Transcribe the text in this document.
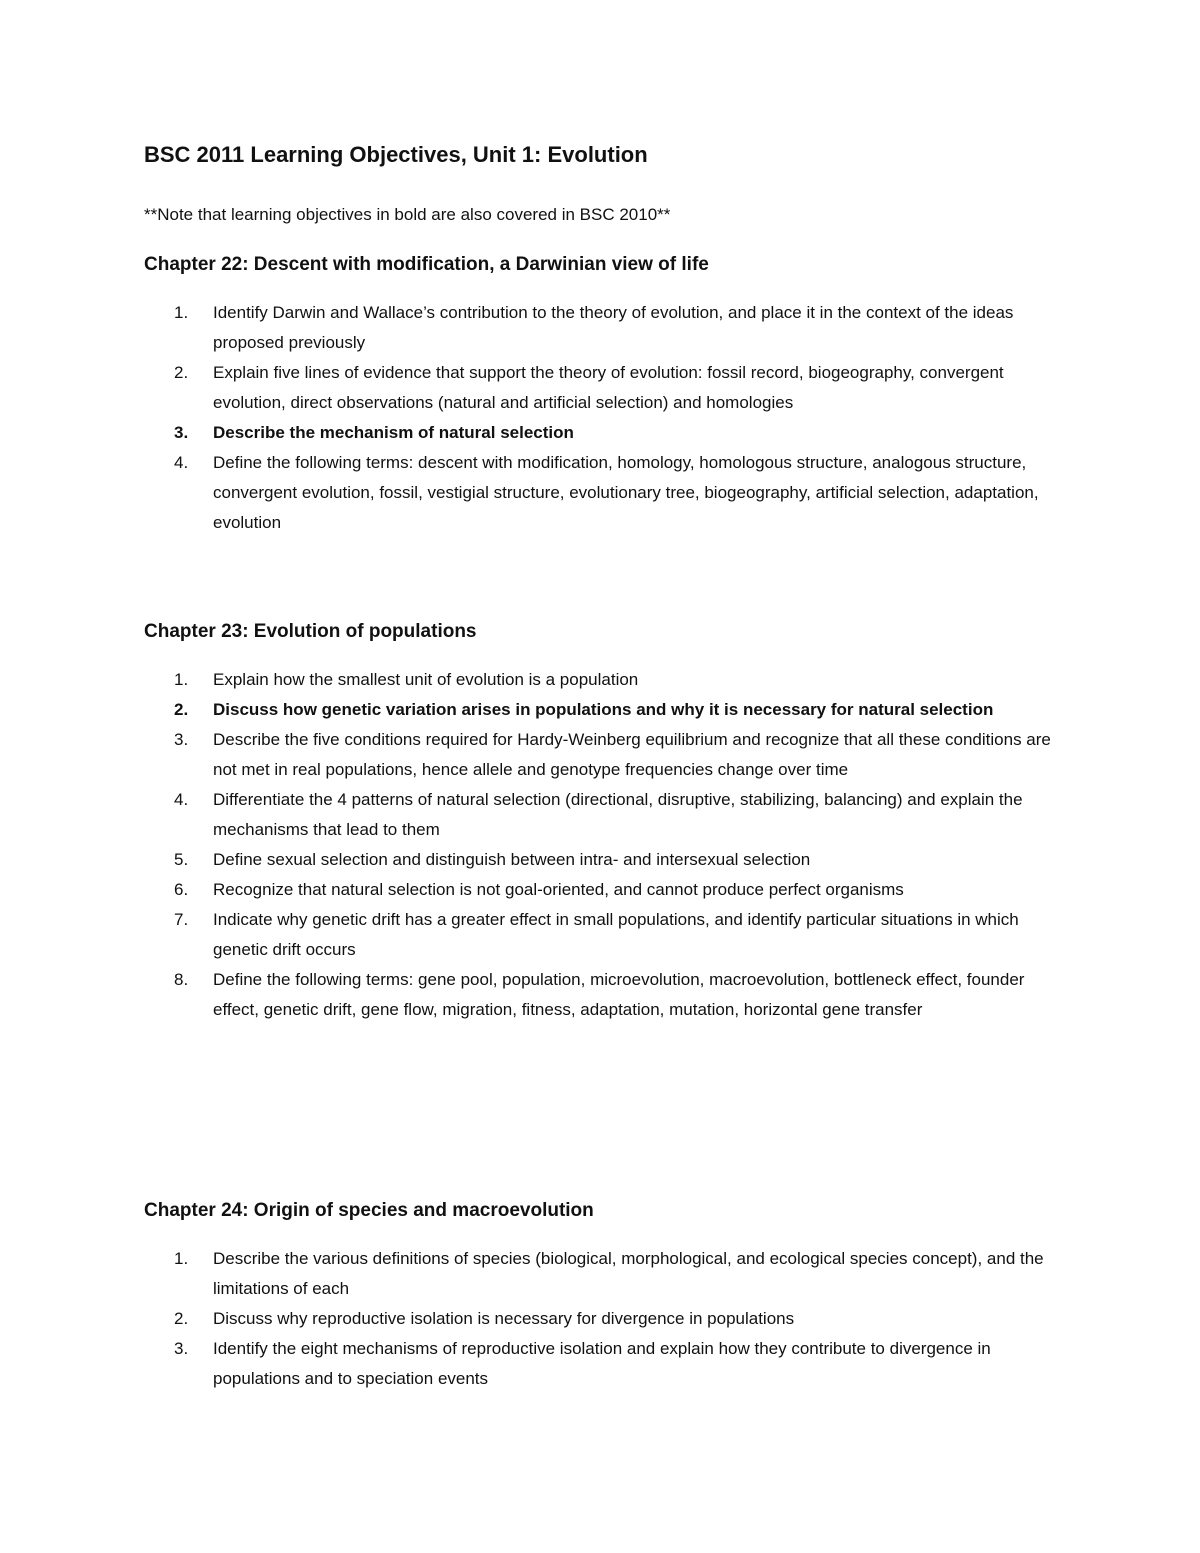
BSC 2011 Learning Objectives, Unit 1: Evolution

**Note that learning objectives in bold are also covered in BSC 2010**

Chapter 22: Descent with modification, a Darwinian view of life
1. Identify Darwin and Wallace’s contribution to the theory of evolution, and place it in the context of the ideas proposed previously
2. Explain five lines of evidence that support the theory of evolution: fossil record, biogeography, convergent evolution, direct observations (natural and artificial selection) and homologies
3. Describe the mechanism of natural selection
4. Define the following terms: descent with modification, homology, homologous structure, analogous structure, convergent evolution, fossil, vestigial structure, evolutionary tree, biogeography, artificial selection, adaptation, evolution
Chapter 23: Evolution of populations
1. Explain how the smallest unit of evolution is a population
2. Discuss how genetic variation arises in populations and why it is necessary for natural selection
3. Describe the five conditions required for Hardy-Weinberg equilibrium and recognize that all these conditions are not met in real populations, hence allele and genotype frequencies change over time
4. Differentiate the 4 patterns of natural selection (directional, disruptive, stabilizing, balancing) and explain the mechanisms that lead to them
5. Define sexual selection and distinguish between intra- and intersexual selection
6. Recognize that natural selection is not goal-oriented, and cannot produce perfect organisms
7. Indicate why genetic drift has a greater effect in small populations, and identify particular situations in which genetic drift occurs
8. Define the following terms: gene pool, population, microevolution, macroevolution, bottleneck effect, founder effect, genetic drift, gene flow, migration, fitness, adaptation, mutation, horizontal gene transfer
Chapter 24: Origin of species and macroevolution
1. Describe the various definitions of species (biological, morphological, and ecological species concept), and the limitations of each
2. Discuss why reproductive isolation is necessary for divergence in populations
3. Identify the eight mechanisms of reproductive isolation and explain how they contribute to divergence in populations and to speciation events
